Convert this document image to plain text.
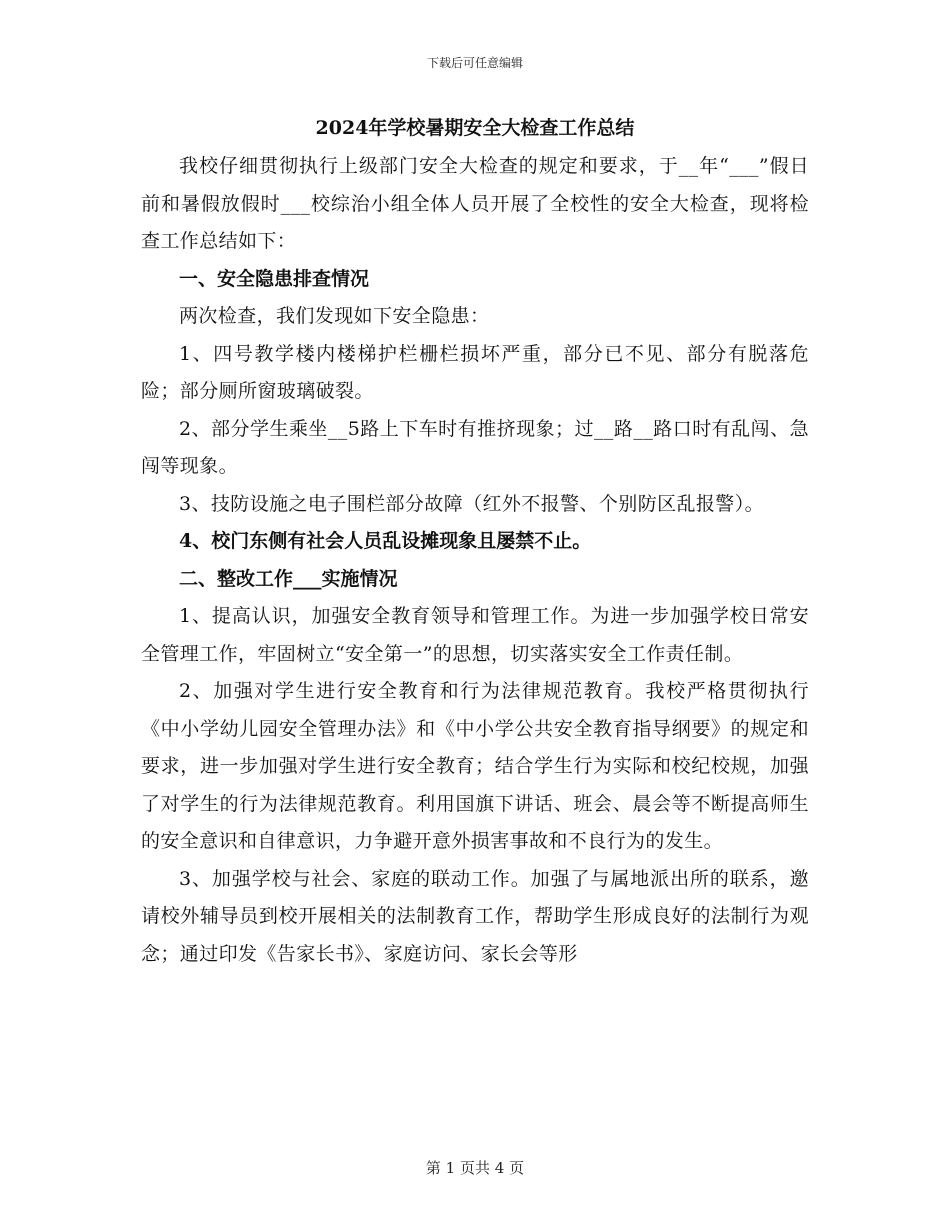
下载后可任意编辑
2024年学校暑期安全大检查工作总结

我校仔细贯彻执行上级部门安全大检查的规定和要求，于__年“___”假日前和暑假放假时___校综治小组全体人员开展了全校性的安全大检查，现将检查工作总结如下：

一、安全隐患排查情况

两次检查，我们发现如下安全隐患：

1、四号教学楼内楼梯护栏栅栏损坏严重，部分已不见、部分有脱落危险；部分厕所窗玻璃破裂。

2、部分学生乘坐__5路上下车时有推挤现象；过__路__路口时有乱闯、急闯等现象。

3、技防设施之电子围栏部分故障（红外不报警、个别防区乱报警）。

4、校门东侧有社会人员乱设摊现象且屡禁不止。

二、整改工作___实施情况

1、提高认识，加强安全教育领导和管理工作。为进一步加强学校日常安全管理工作，牢固树立“安全第一”的思想，切实落实安全工作责任制。

2、加强对学生进行安全教育和行为法律规范教育。我校严格贯彻执行《中小学幼儿园安全管理办法》和《中小学公共安全教育指导纲要》的规定和要求，进一步加强对学生进行安全教育；结合学生行为实际和校纪校规，加强了对学生的行为法律规范教育。利用国旗下讲话、班会、晨会等不断提高师生的安全意识和自律意识，力争避开意外损害事故和不良行为的发生。

3、加强学校与社会、家庭的联动工作。加强了与属地派出所的联系，邀请校外辅导员到校开展相关的法制教育工作，帮助学生形成良好的法制行为观念；通过印发《告家长书》、家庭访问、家长会等形

第 1 页共 4 页
